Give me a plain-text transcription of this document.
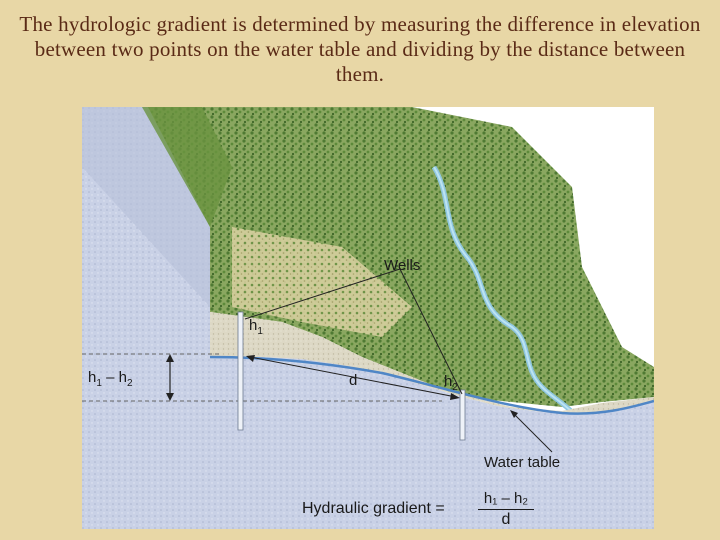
The hydrologic gradient is determined by measuring the difference in elevation between two points on the water table and dividing by the distance between them.
Wells
$h_1$
$h_2$
$h_1 - h_2$	d
Water table
Hydraulic gradient = $\frac{\text{h₁ – h₂}}{d}$
